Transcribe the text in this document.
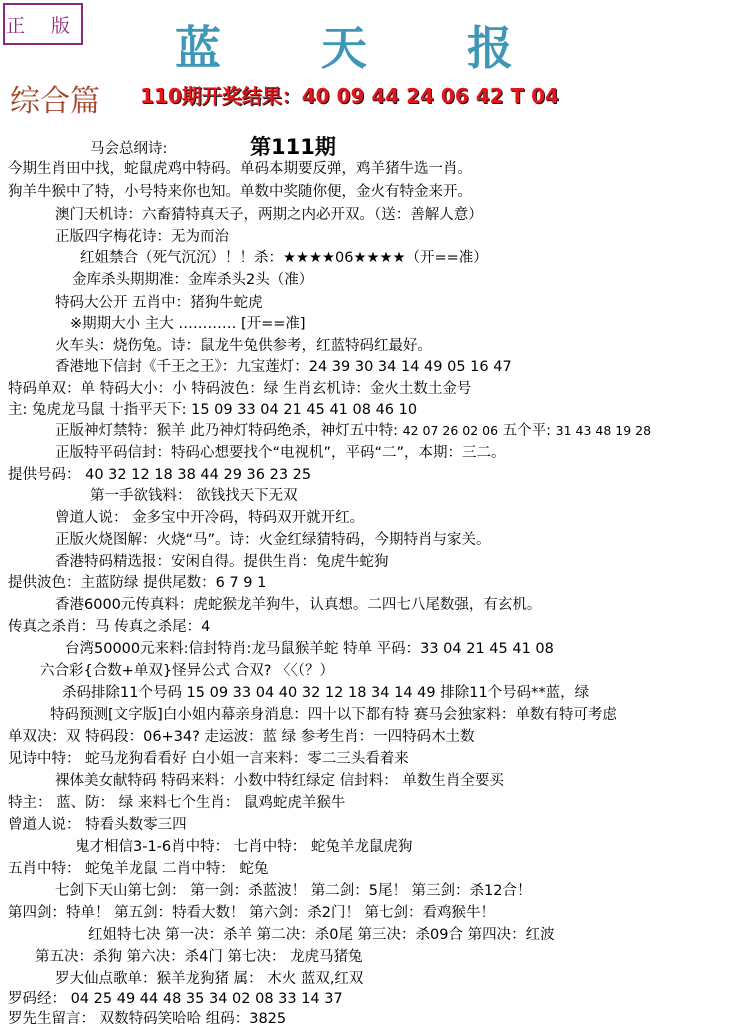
正 版	蓝 天 报
综合篇 110期开奖结果：40 09 44 24 06 42 T 04
第111期
马会总纲诗:
今期生肖田中找，蛇鼠虎鸡中特码。单码本期要反弹，鸡羊猪牛选一肖。
狗羊牛猴中了特，小号特来你也知。单数中奖随你便，金火有特金来开。
澳门天机诗：六畜猜特真天子，两期之内必开双。（送：善解人意）
正版四字梅花诗：无为而治
红姐禁合（死气沉沉）！！杀：★★★★06★★★★（开==准）
金库杀头期期准：金库杀头2头（准）
特码大公开 五肖中：猪狗牛蛇虎
※期期大小 主大 ………… [开==准]
火车头：烧伤兔。诗：鼠龙牛兔供参考，红蓝特码红最好。
香港地下信封《千王之王》：九宝莲灯：24 39 30 34 14 49 05 16 47
特码单双：单 特码大小：小 特码波色：绿 生肖玄机诗：金火土数土金号
主: 兔虎龙马鼠 十指平天下: 15 09 33 04 21 45 41 08 46 10
正版神灯禁特：猴羊 此乃神灯特码绝杀，神灯五中特: 42 07 26 02 06 五个平: 31 43 48 19 28
正版特平码信封：特码心想要找个“电视机”，平码“二”，本期：三二。
提供号码： 40 32 12 18 38 44 29 36 23 25
第一手欲钱料： 欲钱找天下无双
曾道人说： 金多宝中开冷码，特码双开就开红。
正版火烧图解：火烧“马”。诗：火金红绿猜特码，今期特肖与家关。
香港特码精选报：安闲自得。提供生肖：兔虎牛蛇狗
提供波色：主蓝防绿 提供尾数：6 7 9 1
香港6000元传真料：虎蛇猴龙羊狗牛，认真想。二四七八尾数强，有玄机。
传真之杀肖：马 传真之杀尾：4
台湾50000元来料:信封特肖:龙马鼠猴羊蛇 特单 平码：33 04 21 45 41 08
六合彩{合数+单双}怪异公式 合双? 〈〈（？）
杀码排除11个号码 15 09 33 04 40 32 12 18 34 14 49 排除11个号码**蓝，绿
特码预测[文字版]白小姐内幕亲身消息：四十以下都有特 赛马会独家料：单数有特可考虑
单双决：双 特码段：06+34? 走运波：蓝 绿 参考生肖：一四特码木土数
见诗中特： 蛇马龙狗看看好 白小姐一言来料：零二三头看着来
裸体美女献特码 特码来料：小数中特红绿定 信封料： 单数生肖全要买
特主： 蓝、防： 绿 来料七个生肖： 鼠鸡蛇虎羊猴牛
曾道人说： 特看头数零三四
鬼才相信3-1-6肖中特： 七肖中特： 蛇兔羊龙鼠虎狗
五肖中特： 蛇兔羊龙鼠 二肖中特： 蛇兔
七剑下天山第七剑： 第一剑：杀蓝波！ 第二剑：5尾！ 第三剑：杀12合！
第四剑：特单！ 第五剑：特看大数！ 第六剑：杀2门！ 第七剑：看鸡猴牛！
红姐特七决 第一决：杀羊 第二决：杀0尾 第三决：杀09合 第四决：红波
第五决：杀狗 第六决：杀4门 第七决： 龙虎马猪兔
罗大仙点歌单：猴羊龙狗猪 属： 木火 蓝双,红双
罗码经： 04 25 49 44 48 35 34 02 08 33 14 37
罗先生留言： 双数特码笑哈哈 组码：3825
